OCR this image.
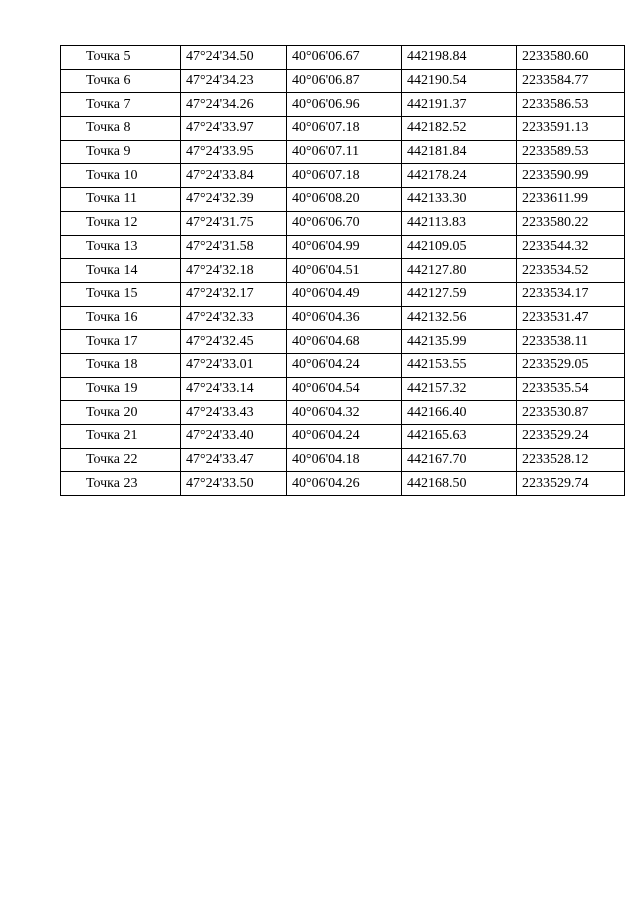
Точка 5	47°24'34.50	40°06'06.67	442198.84	2233580.60
Точка 6	47°24'34.23	40°06'06.87	442190.54	2233584.77
Точка 7	47°24'34.26	40°06'06.96	442191.37	2233586.53
Точка 8	47°24'33.97	40°06'07.18	442182.52	2233591.13
Точка 9	47°24'33.95	40°06'07.11	442181.84	2233589.53
Точка 10	47°24'33.84	40°06'07.18	442178.24	2233590.99
Точка 11	47°24'32.39	40°06'08.20	442133.30	2233611.99
Точка 12	47°24'31.75	40°06'06.70	442113.83	2233580.22
Точка 13	47°24'31.58	40°06'04.99	442109.05	2233544.32
Точка 14	47°24'32.18	40°06'04.51	442127.80	2233534.52
Точка 15	47°24'32.17	40°06'04.49	442127.59	2233534.17
Точка 16	47°24'32.33	40°06'04.36	442132.56	2233531.47
Точка 17	47°24'32.45	40°06'04.68	442135.99	2233538.11
Точка 18	47°24'33.01	40°06'04.24	442153.55	2233529.05
Точка 19	47°24'33.14	40°06'04.54	442157.32	2233535.54
Точка 20	47°24'33.43	40°06'04.32	442166.40	2233530.87
Точка 21	47°24'33.40	40°06'04.24	442165.63	2233529.24
Точка 22	47°24'33.47	40°06'04.18	442167.70	2233528.12
Точка 23	47°24'33.50	40°06'04.26	442168.50	2233529.74
